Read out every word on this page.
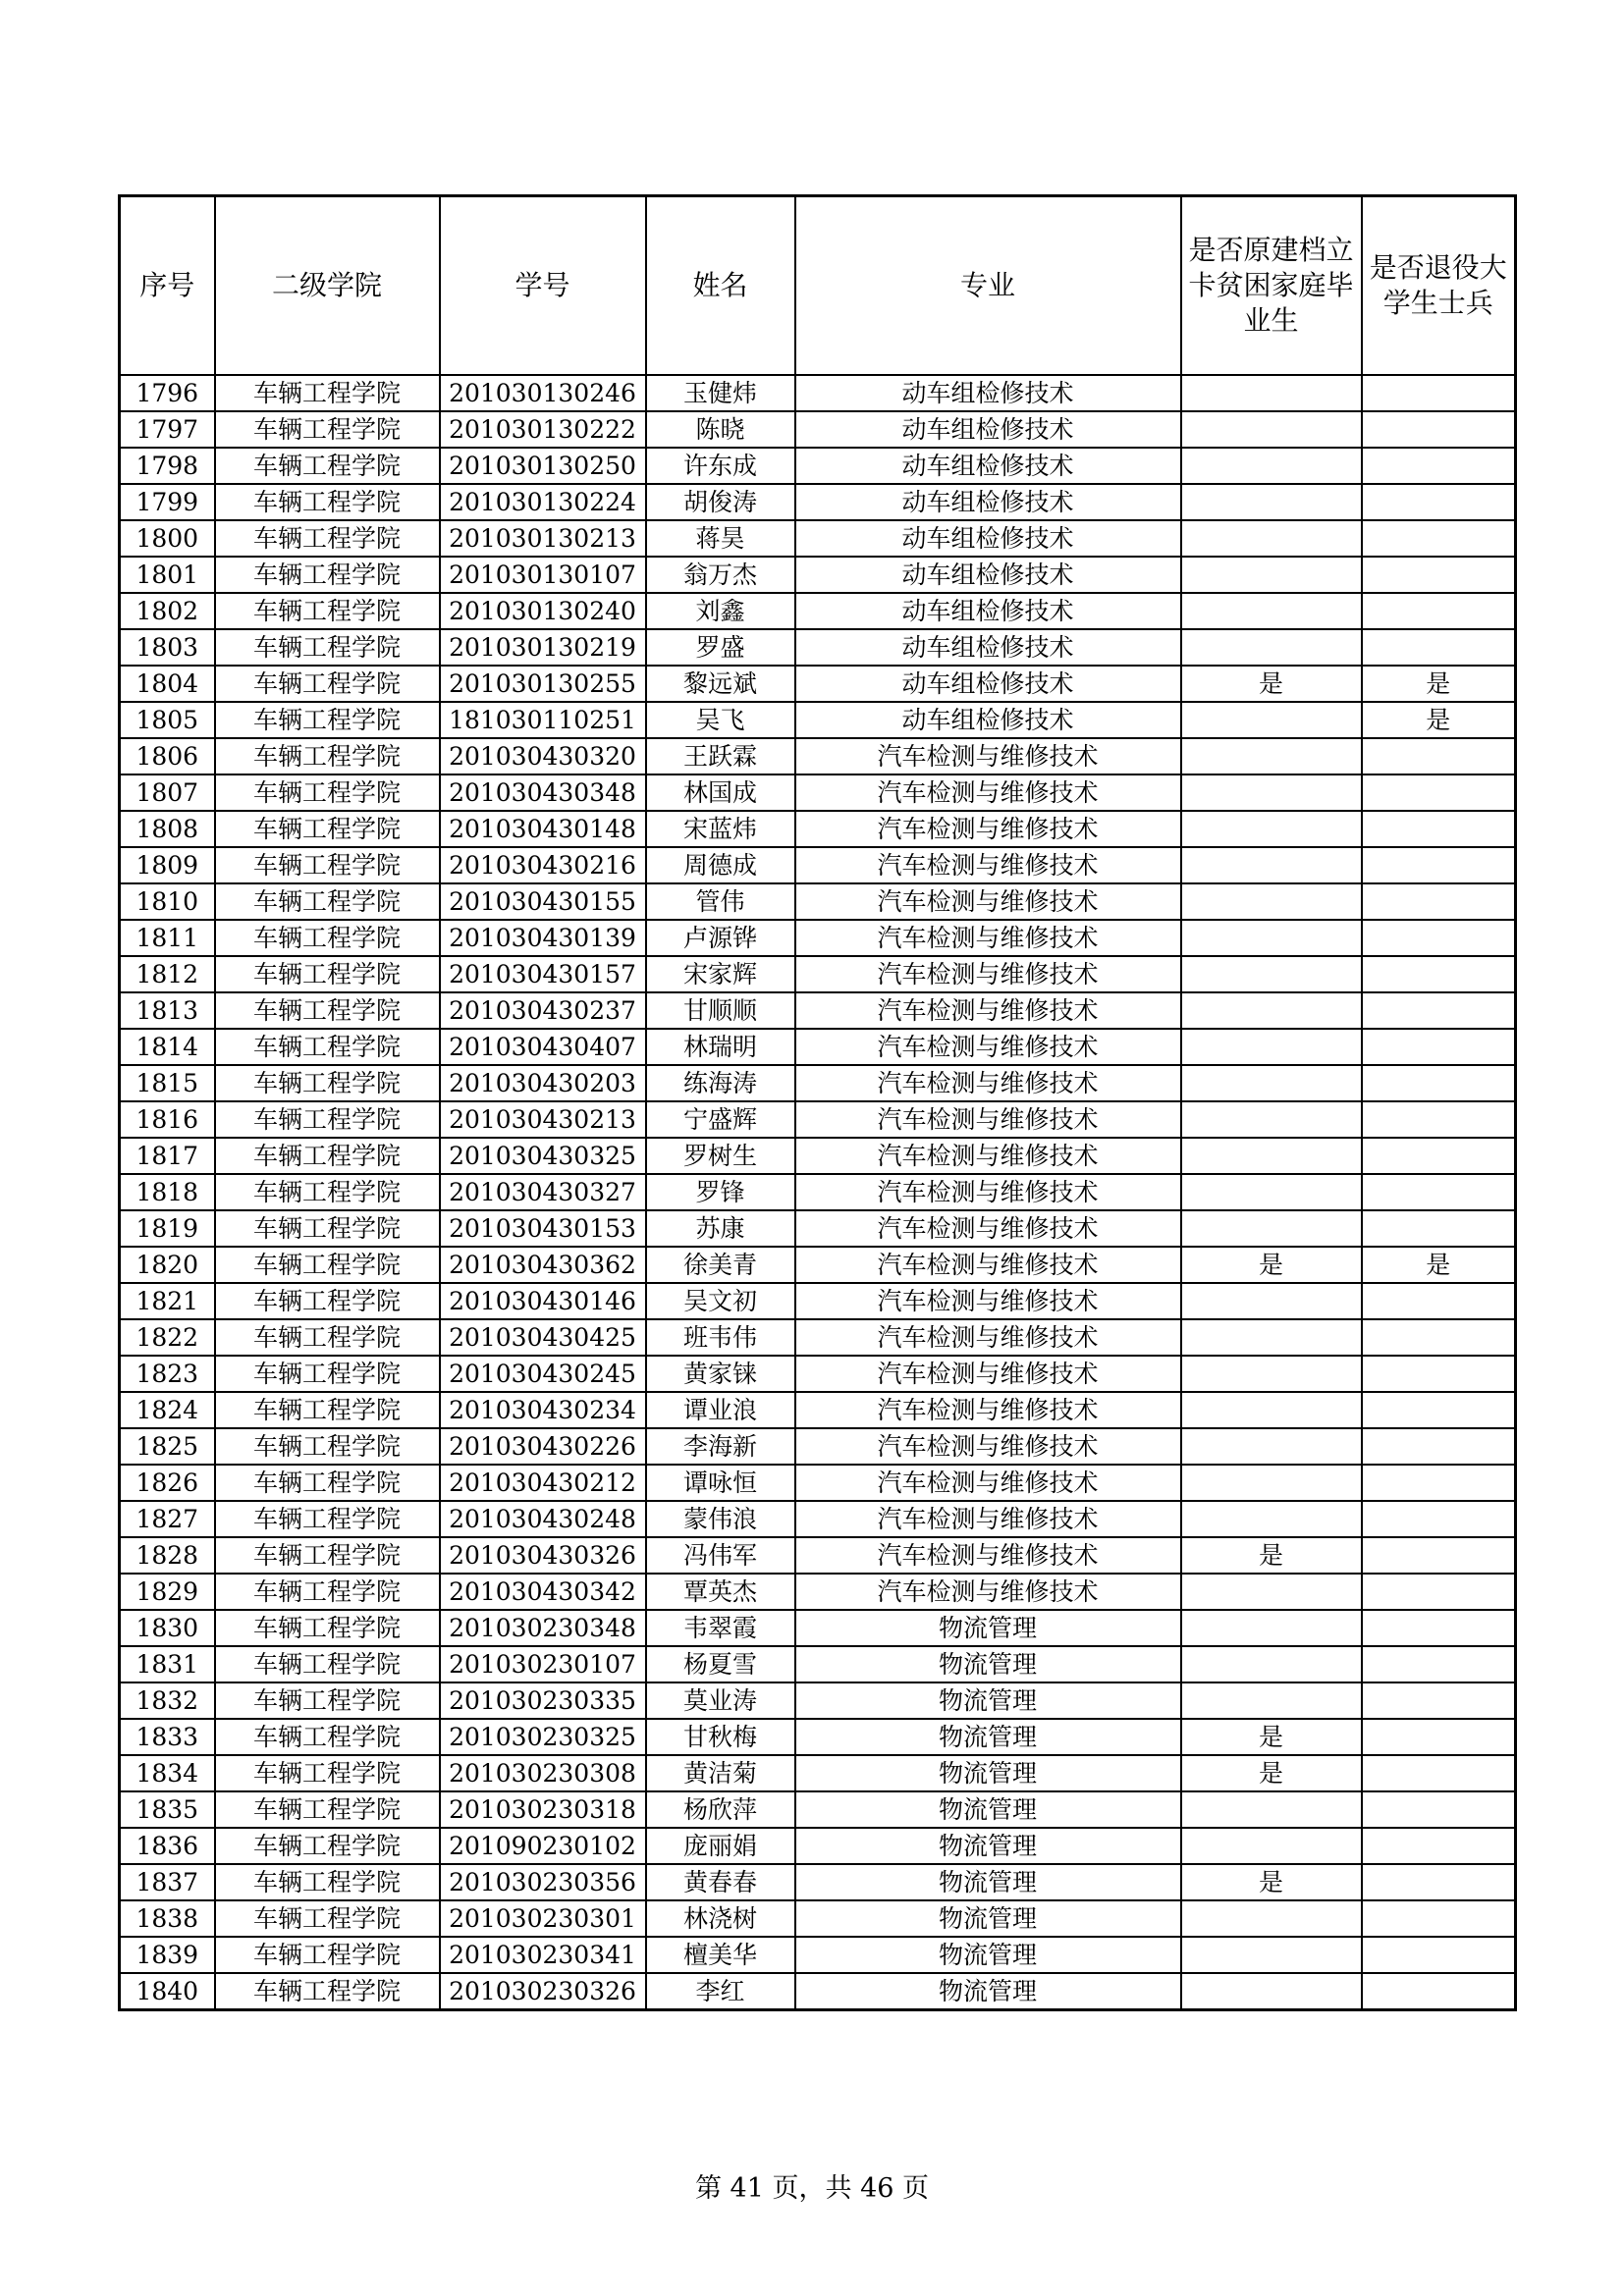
序号	二级学院	学号	姓名	专业	是否原建档立卡贫困家庭毕业生	是否退役大学生士兵
1796	车辆工程学院	201030130246	玉健炜	动车组检修技术		
1797	车辆工程学院	201030130222	陈晓	动车组检修技术		
1798	车辆工程学院	201030130250	许东成	动车组检修技术		
1799	车辆工程学院	201030130224	胡俊涛	动车组检修技术		
1800	车辆工程学院	201030130213	蒋昊	动车组检修技术		
1801	车辆工程学院	201030130107	翁万杰	动车组检修技术		
1802	车辆工程学院	201030130240	刘鑫	动车组检修技术		
1803	车辆工程学院	201030130219	罗盛	动车组检修技术		
1804	车辆工程学院	201030130255	黎远斌	动车组检修技术	是	是
1805	车辆工程学院	181030110251	吴飞	动车组检修技术		是
1806	车辆工程学院	201030430320	王跃霖	汽车检测与维修技术		
1807	车辆工程学院	201030430348	林国成	汽车检测与维修技术		
1808	车辆工程学院	201030430148	宋蓝炜	汽车检测与维修技术		
1809	车辆工程学院	201030430216	周德成	汽车检测与维修技术		
1810	车辆工程学院	201030430155	管伟	汽车检测与维修技术		
1811	车辆工程学院	201030430139	卢源铧	汽车检测与维修技术		
1812	车辆工程学院	201030430157	宋家辉	汽车检测与维修技术		
1813	车辆工程学院	201030430237	甘顺顺	汽车检测与维修技术		
1814	车辆工程学院	201030430407	林瑞明	汽车检测与维修技术		
1815	车辆工程学院	201030430203	练海涛	汽车检测与维修技术		
1816	车辆工程学院	201030430213	宁盛辉	汽车检测与维修技术		
1817	车辆工程学院	201030430325	罗树生	汽车检测与维修技术		
1818	车辆工程学院	201030430327	罗锋	汽车检测与维修技术		
1819	车辆工程学院	201030430153	苏康	汽车检测与维修技术		
1820	车辆工程学院	201030430362	徐美青	汽车检测与维修技术	是	是
1821	车辆工程学院	201030430146	吴文初	汽车检测与维修技术		
1822	车辆工程学院	201030430425	班韦伟	汽车检测与维修技术		
1823	车辆工程学院	201030430245	黄家铼	汽车检测与维修技术		
1824	车辆工程学院	201030430234	谭业浪	汽车检测与维修技术		
1825	车辆工程学院	201030430226	李海新	汽车检测与维修技术		
1826	车辆工程学院	201030430212	谭咏恒	汽车检测与维修技术		
1827	车辆工程学院	201030430248	蒙伟浪	汽车检测与维修技术		
1828	车辆工程学院	201030430326	冯伟军	汽车检测与维修技术	是	
1829	车辆工程学院	201030430342	覃英杰	汽车检测与维修技术		
1830	车辆工程学院	201030230348	韦翠霞	物流管理		
1831	车辆工程学院	201030230107	杨夏雪	物流管理		
1832	车辆工程学院	201030230335	莫业涛	物流管理		
1833	车辆工程学院	201030230325	甘秋梅	物流管理	是	
1834	车辆工程学院	201030230308	黄洁菊	物流管理	是	
1835	车辆工程学院	201030230318	杨欣萍	物流管理		
1836	车辆工程学院	201090230102	庞丽娟	物流管理		
1837	车辆工程学院	201030230356	黄春春	物流管理	是	
1838	车辆工程学院	201030230301	林浇树	物流管理		
1839	车辆工程学院	201030230341	檀美华	物流管理		
1840	车辆工程学院	201030230326	李红	物流管理		
第 41 页，共 46 页
